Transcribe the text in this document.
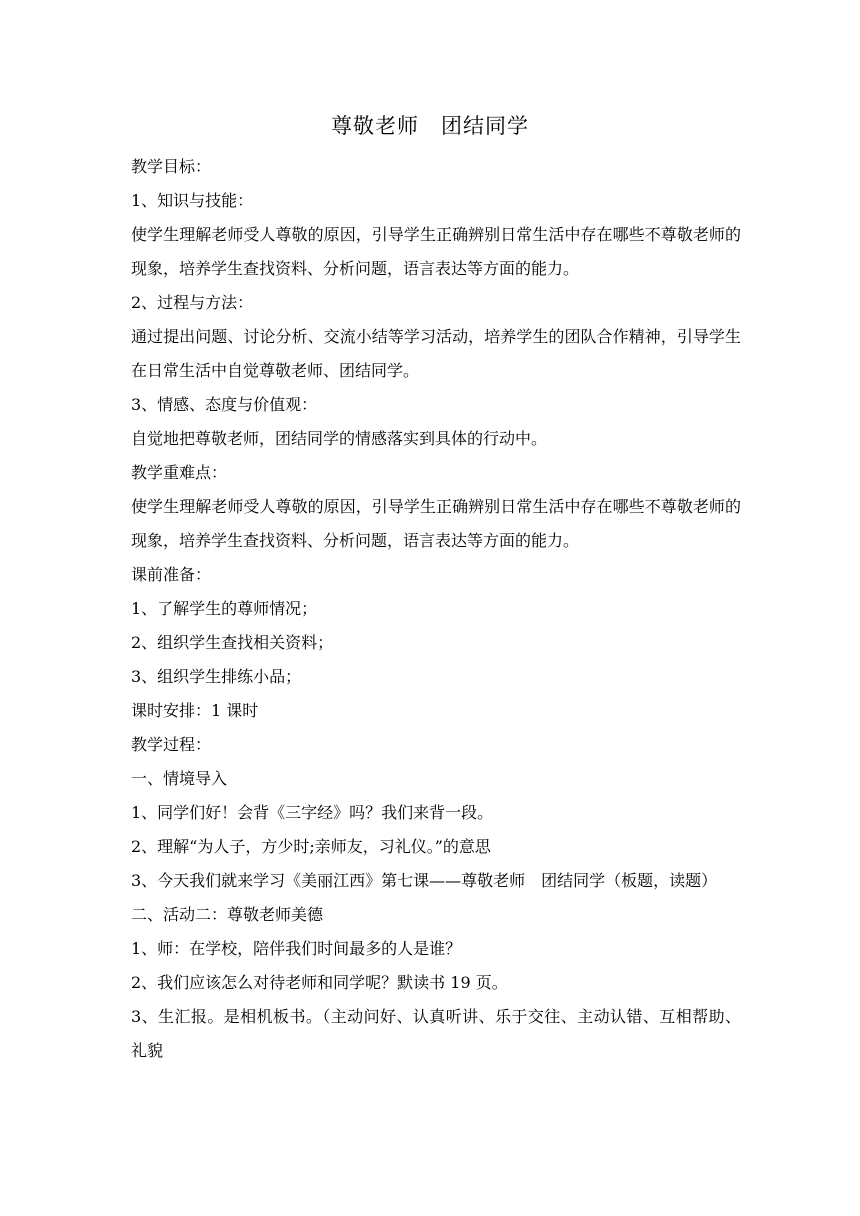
尊敬老师　团结同学

教学目标：

1、知识与技能：

使学生理解老师受人尊敬的原因，引导学生正确辨别日常生活中存在哪些不尊敬老师的现象，培养学生查找资料、分析问题，语言表达等方面的能力。

2、过程与方法：

通过提出问题、讨论分析、交流小结等学习活动，培养学生的团队合作精神，引导学生在日常生活中自觉尊敬老师、团结同学。

3、情感、态度与价值观：

自觉地把尊敬老师，团结同学的情感落实到具体的行动中。

教学重难点：

使学生理解老师受人尊敬的原因，引导学生正确辨别日常生活中存在哪些不尊敬老师的现象，培养学生查找资料、分析问题，语言表达等方面的能力。

课前准备：

1、了解学生的尊师情况；

2、组织学生查找相关资料；

3、组织学生排练小品；

课时安排：1 课时

教学过程：

一、情境导入

1、同学们好！会背《三字经》吗？我们来背一段。

2、理解“为人子，方少时;亲师友，习礼仪。”的意思

3、今天我们就来学习《美丽江西》第七课——尊敬老师　团结同学（板题，读题）

二、活动二：尊敬老师美德

1、师：在学校，陪伴我们时间最多的人是谁？

2、我们应该怎么对待老师和同学呢？默读书 19 页。

3、生汇报。是相机板书。（主动问好、认真听讲、乐于交往、主动认错、互相帮助、礼貌
